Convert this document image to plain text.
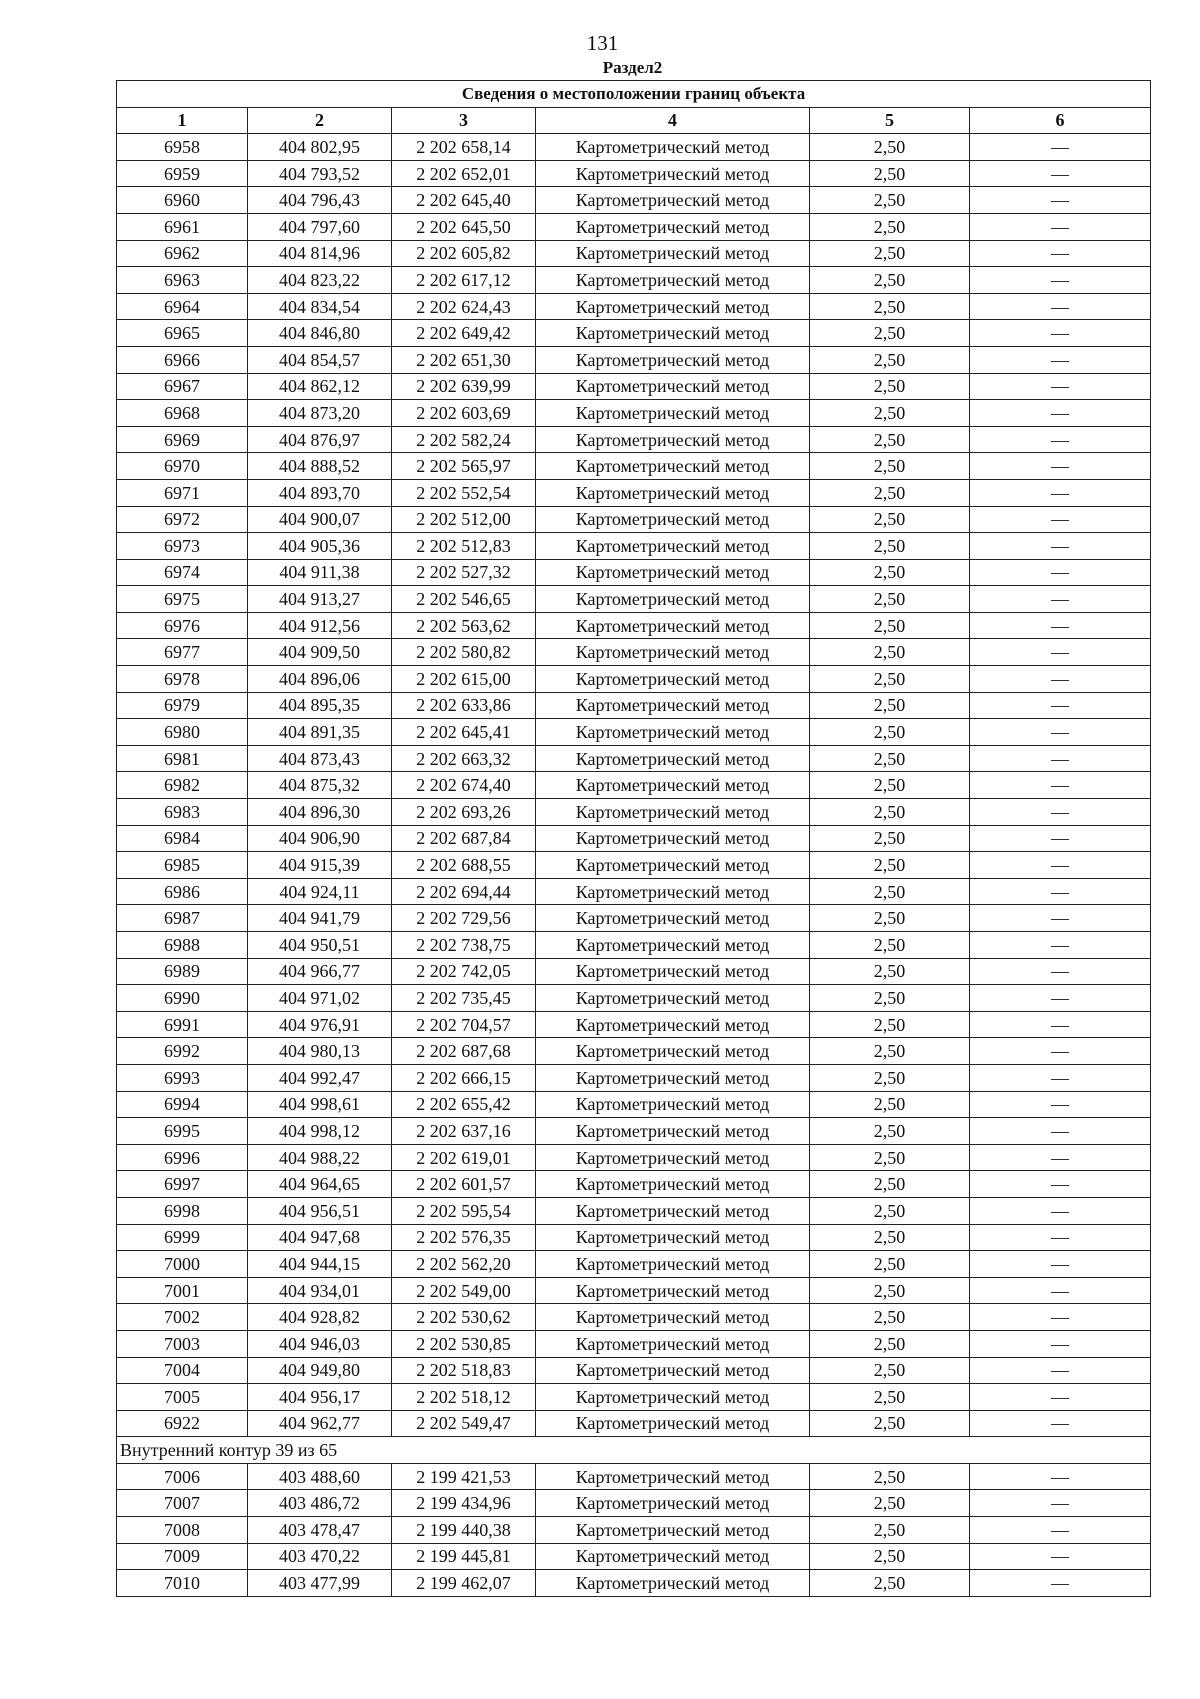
131
Раздел2
Сведения о местоположении границ объекта					
1	2	3	4	5	6
6958	404 802,95	2 202 658,14	Картометрический метод	2,50	—
6959	404 793,52	2 202 652,01	Картометрический метод	2,50	—
6960	404 796,43	2 202 645,40	Картометрический метод	2,50	—
6961	404 797,60	2 202 645,50	Картометрический метод	2,50	—
6962	404 814,96	2 202 605,82	Картометрический метод	2,50	—
6963	404 823,22	2 202 617,12	Картометрический метод	2,50	—
6964	404 834,54	2 202 624,43	Картометрический метод	2,50	—
6965	404 846,80	2 202 649,42	Картометрический метод	2,50	—
6966	404 854,57	2 202 651,30	Картометрический метод	2,50	—
6967	404 862,12	2 202 639,99	Картометрический метод	2,50	—
6968	404 873,20	2 202 603,69	Картометрический метод	2,50	—
6969	404 876,97	2 202 582,24	Картометрический метод	2,50	—
6970	404 888,52	2 202 565,97	Картометрический метод	2,50	—
6971	404 893,70	2 202 552,54	Картометрический метод	2,50	—
6972	404 900,07	2 202 512,00	Картометрический метод	2,50	—
6973	404 905,36	2 202 512,83	Картометрический метод	2,50	—
6974	404 911,38	2 202 527,32	Картометрический метод	2,50	—
6975	404 913,27	2 202 546,65	Картометрический метод	2,50	—
6976	404 912,56	2 202 563,62	Картометрический метод	2,50	—
6977	404 909,50	2 202 580,82	Картометрический метод	2,50	—
6978	404 896,06	2 202 615,00	Картометрический метод	2,50	—
6979	404 895,35	2 202 633,86	Картометрический метод	2,50	—
6980	404 891,35	2 202 645,41	Картометрический метод	2,50	—
6981	404 873,43	2 202 663,32	Картометрический метод	2,50	—
6982	404 875,32	2 202 674,40	Картометрический метод	2,50	—
6983	404 896,30	2 202 693,26	Картометрический метод	2,50	—
6984	404 906,90	2 202 687,84	Картометрический метод	2,50	—
6985	404 915,39	2 202 688,55	Картометрический метод	2,50	—
6986	404 924,11	2 202 694,44	Картометрический метод	2,50	—
6987	404 941,79	2 202 729,56	Картометрический метод	2,50	—
6988	404 950,51	2 202 738,75	Картометрический метод	2,50	—
6989	404 966,77	2 202 742,05	Картометрический метод	2,50	—
6990	404 971,02	2 202 735,45	Картометрический метод	2,50	—
6991	404 976,91	2 202 704,57	Картометрический метод	2,50	—
6992	404 980,13	2 202 687,68	Картометрический метод	2,50	—
6993	404 992,47	2 202 666,15	Картометрический метод	2,50	—
6994	404 998,61	2 202 655,42	Картометрический метод	2,50	—
6995	404 998,12	2 202 637,16	Картометрический метод	2,50	—
6996	404 988,22	2 202 619,01	Картометрический метод	2,50	—
6997	404 964,65	2 202 601,57	Картометрический метод	2,50	—
6998	404 956,51	2 202 595,54	Картометрический метод	2,50	—
6999	404 947,68	2 202 576,35	Картометрический метод	2,50	—
7000	404 944,15	2 202 562,20	Картометрический метод	2,50	—
7001	404 934,01	2 202 549,00	Картометрический метод	2,50	—
7002	404 928,82	2 202 530,62	Картометрический метод	2,50	—
7003	404 946,03	2 202 530,85	Картометрический метод	2,50	—
7004	404 949,80	2 202 518,83	Картометрический метод	2,50	—
7005	404 956,17	2 202 518,12	Картометрический метод	2,50	—
6922	404 962,77	2 202 549,47	Картометрический метод	2,50	—
Внутренний контур 39 из 65					
7006	403 488,60	2 199 421,53	Картометрический метод	2,50	—
7007	403 486,72	2 199 434,96	Картометрический метод	2,50	—
7008	403 478,47	2 199 440,38	Картометрический метод	2,50	—
7009	403 470,22	2 199 445,81	Картометрический метод	2,50	—
7010	403 477,99	2 199 462,07	Картометрический метод	2,50	—
